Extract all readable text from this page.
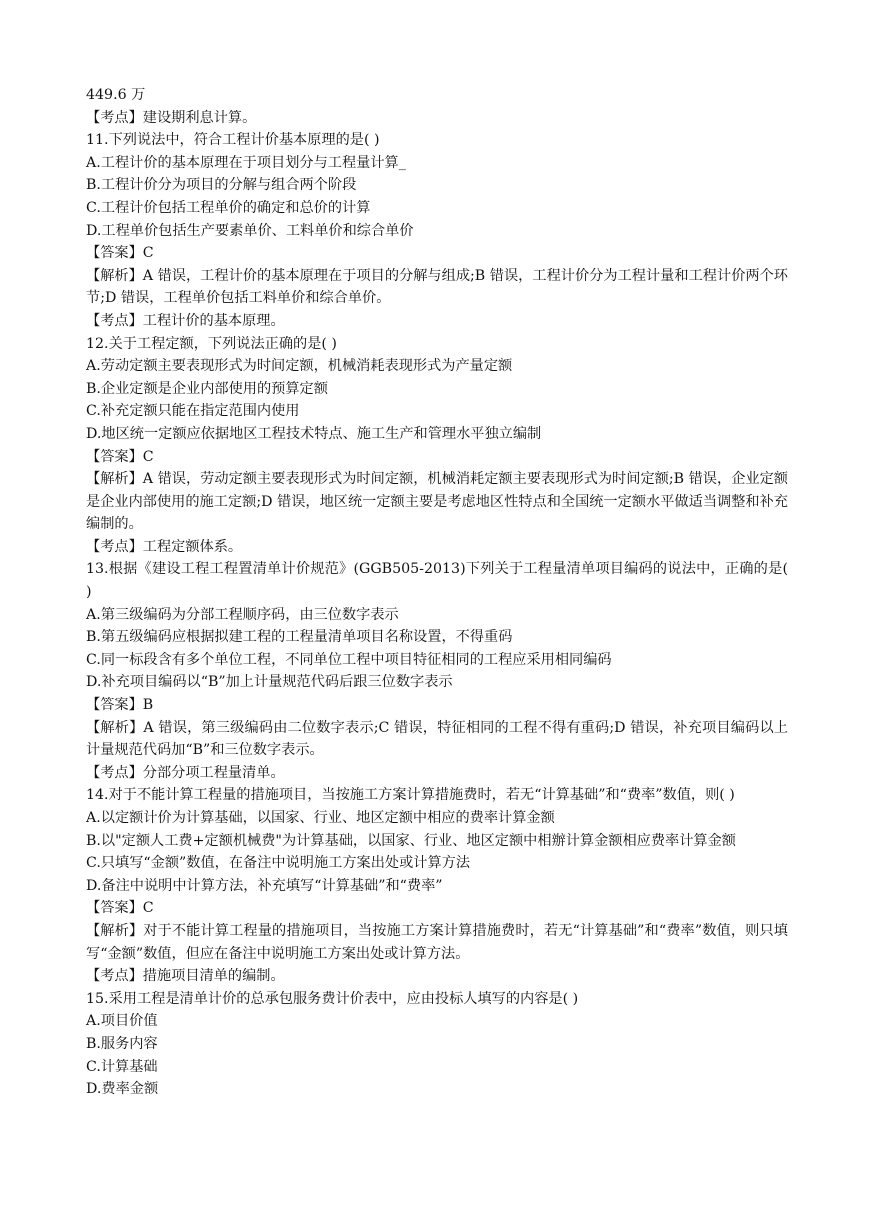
449.6 万
【考点】建设期利息计算。
11.下列说法中，符合工程计价基本原理的是( )
A.工程计价的基本原理在于项目划分与工程量计算_
B.工程计价分为项目的分解与组合两个阶段
C.工程计价包括工程单价的确定和总价的计算
D.工程单价包括生产要素单价、工料单价和综合单价
【答案】C
【解析】A 错误，工程计价的基本原理在于项目的分解与组成;B 错误，工程计价分为工程计量和工程计价两个环节;D 错误，工程单价包括工料单价和综合单价。
【考点】工程计价的基本原理。
12.关于工程定额，下列说法正确的是( )
A.劳动定额主要表现形式为时间定额，机械消耗表现形式为产量定额
B.企业定额是企业内部使用的预算定额
C.补充定额只能在指定范围内使用
D.地区统一定额应依据地区工程技术特点、施工生产和管理水平独立编制
【答案】C
【解析】A 错误，劳动定额主要表现形式为时间定额，机械消耗定额主要表现形式为时间定额;B 错误，企业定额是企业内部使用的施工定额;D 错误，地区统一定额主要是考虑地区性特点和全国统一定额水平做适当调整和补充编制的。
【考点】工程定额体系。
13.根据《建设工程工程置清单计价规范》(GGB505-2013)下列关于工程量清单项目编码的说法中，正确的是( )
A.第三级编码为分部工程顺序码，由三位数字表示
B.第五级编码应根据拟建工程的工程量清单项目名称设置，不得重码
C.同一标段含有多个单位工程，不同单位工程中项目特征相同的工程应采用相同编码
D.补充项目编码以“B”加上计量规范代码后跟三位数字表示
【答案】B
【解析】A 错误，第三级编码由二位数字表示;C 错误，特征相同的工程不得有重码;D 错误，补充项目编码以上计量规范代码加“B”和三位数字表示。
【考点】分部分项工程量清单。
14.对于不能计算工程量的措施项目，当按施工方案计算措施费时，若无“计算基础”和“费率”数值，则( )
A.以定额计价为计算基础，以国家、行业、地区定额中相应的费率计算金额
B.以"定额人工费+定额机械费"为计算基础，以国家、行业、地区定额中相辦计算金额相应费率计算金额
C.只填写“金额”数值，在备注中说明施工方案出处或计算方法
D.备注中说明中计算方法，补充填写“计算基础”和“费率”
【答案】C
【解析】对于不能计算工程量的措施项目，当按施工方案计算措施费时，若无“计算基础”和“费率”数值，则只填写“金额”数值，但应在备注中说明施工方案出处或计算方法。
【考点】措施项目清单的编制。
15.采用工程是清单计价的总承包服务费计价表中，应由投标人填写的内容是( )
A.项目价值
B.服务内容
C.计算基础
D.费率金额
